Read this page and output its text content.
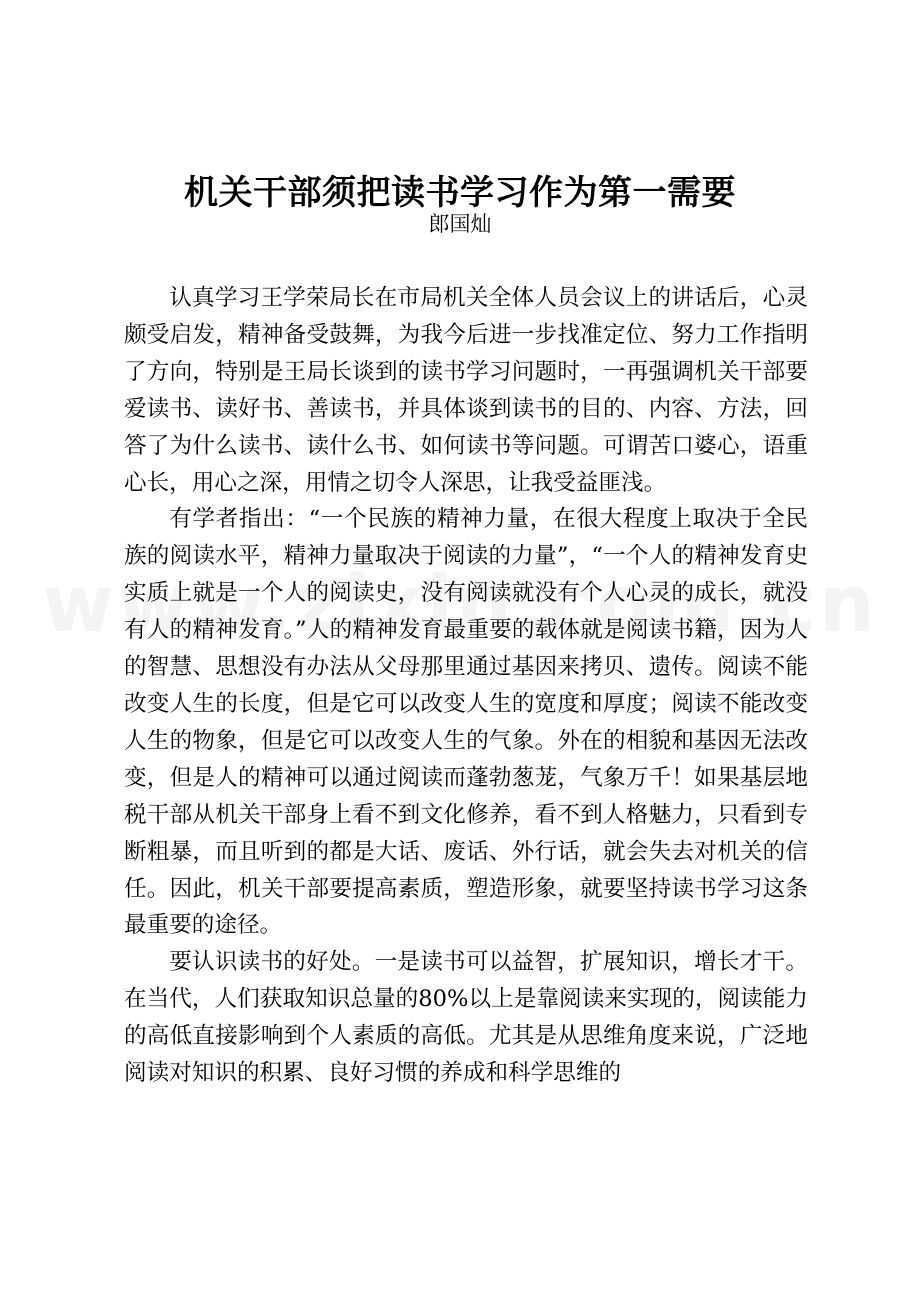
机关干部须把读书学习作为第一需要
郎国灿

认真学习王学荣局长在市局机关全体人员会议上的讲话后，心灵颇受启发，精神备受鼓舞，为我今后进一步找准定位、努力工作指明了方向，特别是王局长谈到的读书学习问题时，一再强调机关干部要爱读书、读好书、善读书，并具体谈到读书的目的、内容、方法，回答了为什么读书、读什么书、如何读书等问题。可谓苦口婆心，语重心长，用心之深，用情之切令人深思，让我受益匪浅。

有学者指出：“一个民族的精神力量，在很大程度上取决于全民族的阅读水平，精神力量取决于阅读的力量”，“一个人的精神发育史实质上就是一个人的阅读史，没有阅读就没有个人心灵的成长，就没有人的精神发育。”人的精神发育最重要的载体就是阅读书籍，因为人的智慧、思想没有办法从父母那里通过基因来拷贝、遗传。阅读不能改变人生的长度，但是它可以改变人生的宽度和厚度；阅读不能改变人生的物象，但是它可以改变人生的气象。外在的相貌和基因无法改变，但是人的精神可以通过阅读而蓬勃葱茏，气象万千！如果基层地税干部从机关干部身上看不到文化修养，看不到人格魅力，只看到专断粗暴，而且听到的都是大话、废话、外行话，就会失去对机关的信任。因此，机关干部要提高素质，塑造形象，就要坚持读书学习这条最重要的途径。

要认识读书的好处。一是读书可以益智，扩展知识，增长才干。在当代，人们获取知识总量的80%以上是靠阅读来实现的，阅读能力的高低直接影响到个人素质的高低。尤其是从思维角度来说，广泛地阅读对知识的积累、良好习惯的养成和科学思维的
